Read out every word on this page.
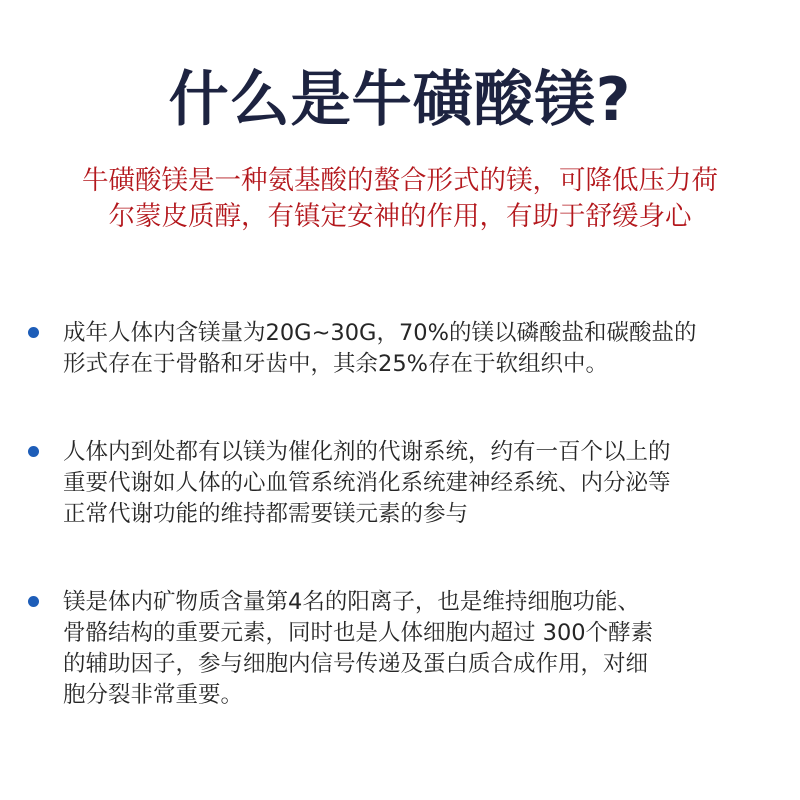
什么是牛磺酸镁?
牛磺酸镁是一种氨基酸的螯合形式的镁，可降低压力荷
尔蒙皮质醇，有镇定安神的作用，有助于舒缓身心
成年人体内含镁量为20G~30G，70%的镁以磷酸盐和碳酸盐的
形式存在于骨骼和牙齿中，其余25%存在于软组织中。
人体内到处都有以镁为催化剂的代谢系统，约有一百个以上的
重要代谢如人体的心血管系统消化系统建神经系统、内分泌等
正常代谢功能的维持都需要镁元素的参与
镁是体内矿物质含量第4名的阳离子，也是维持细胞功能、
骨骼结构的重要元素，同时也是人体细胞内超过 300个酵素
的辅助因子，参与细胞内信号传递及蛋白质合成作用，对细
胞分裂非常重要。
